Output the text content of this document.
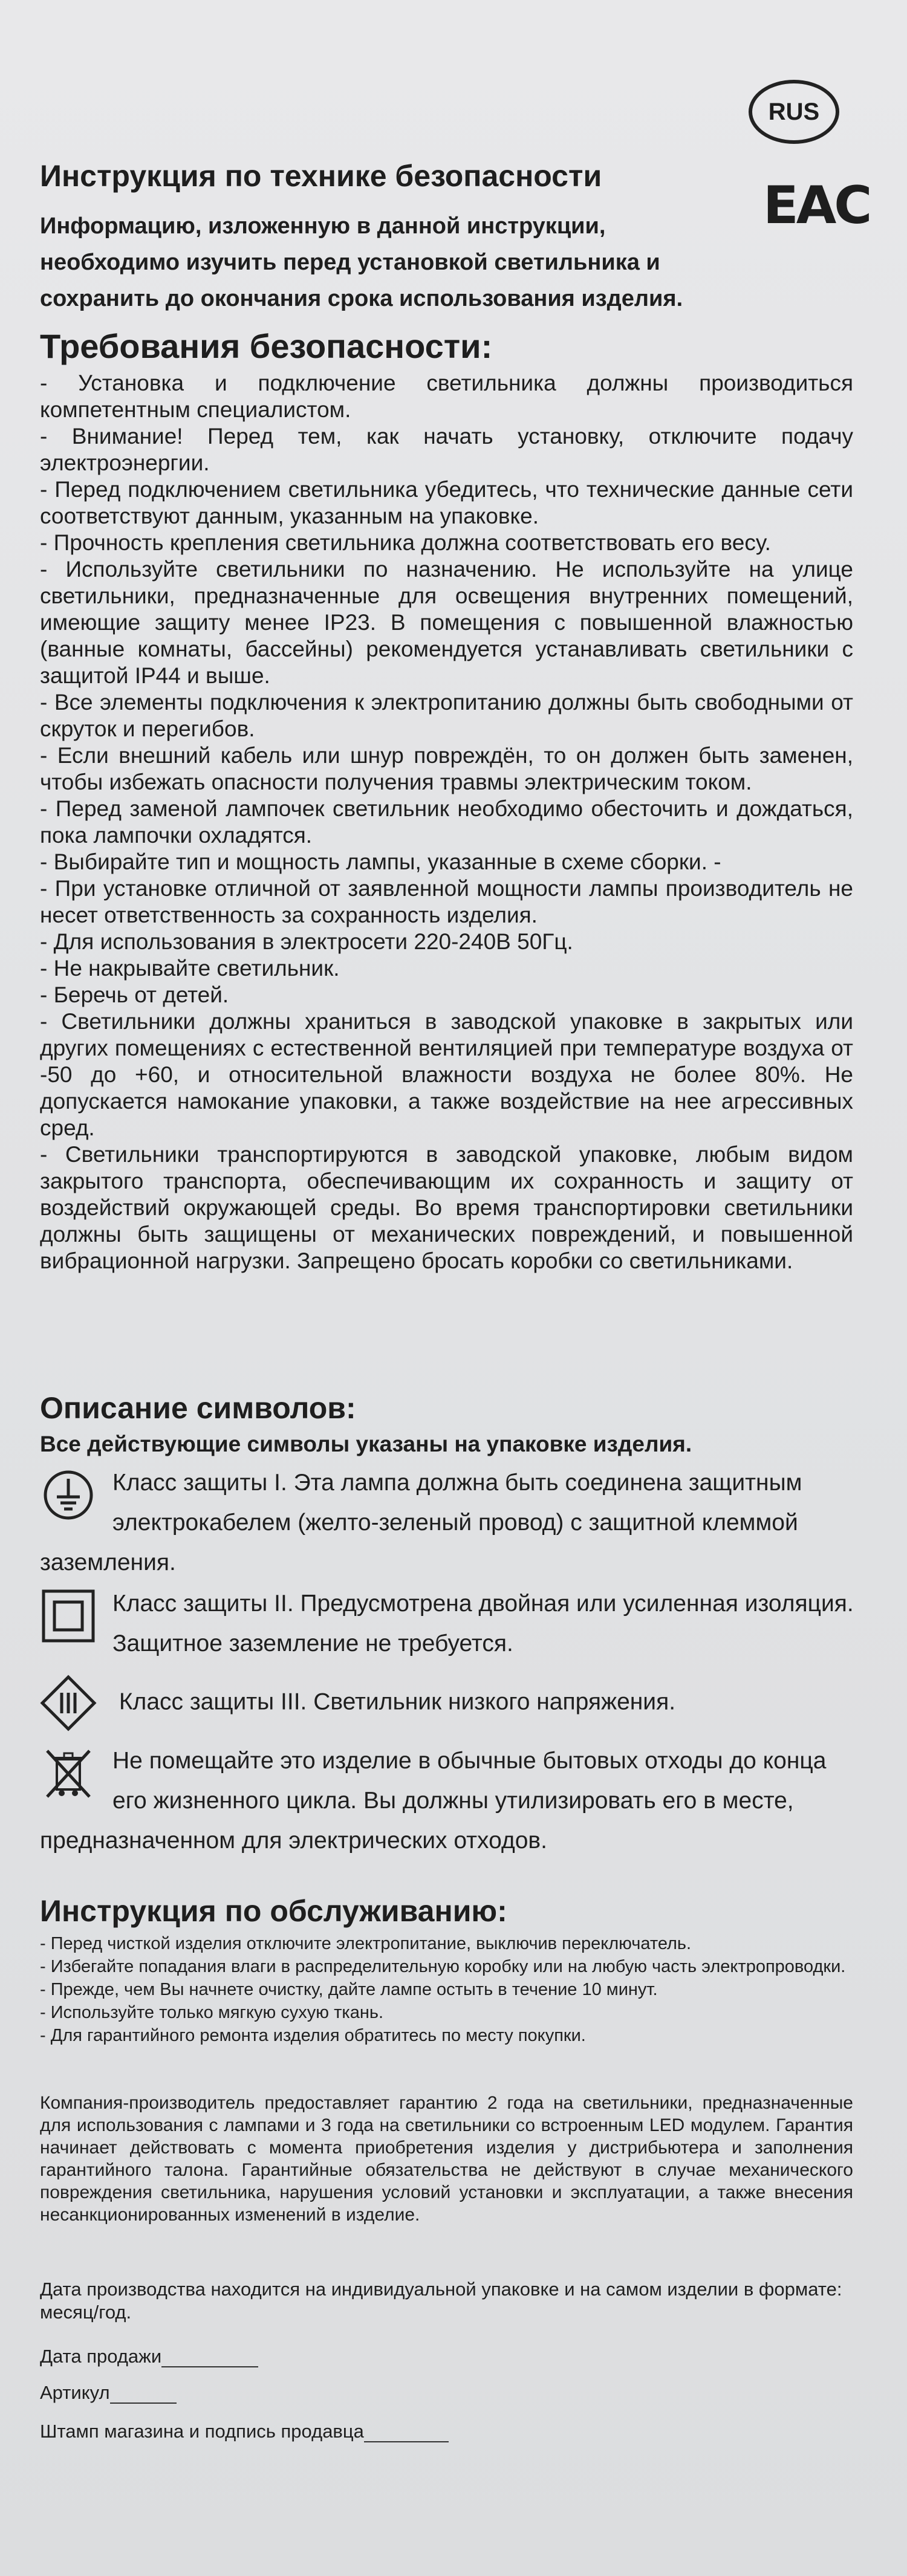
RUS
EAC
Инструкция по технике безопасности
Информацию, изложенную в данной инструкции, необходимо изучить перед установкой светильника и сохранить до окончания срока использования изделия.
Требования безопасности:
- Установка и подключение светильника должны производиться компетентным специалистом.
- Внимание! Перед тем, как начать установку, отключите подачу электроэнергии.
- Перед подключением светильника убедитесь, что технические данные сети соответствуют данным, указанным на упаковке.
- Прочность крепления светильника должна соответствовать его весу.
- Используйте светильники по назначению. Не используйте на улице светильники, предназначенные для освещения внутренних помещений, имеющие защиту менее IP23. В помещения с повышенной влажностью (ванные комнаты, бассейны) рекомендуется устанавливать светильники с защитой IP44 и выше.
- Все элементы подключения к электропитанию должны быть свободными от скруток и перегибов.
- Если внешний кабель или шнур повреждён, то он должен быть заменен, чтобы избежать опасности получения травмы электрическим током.
- Перед заменой лампочек светильник необходимо обесточить и дождаться, пока лампочки охладятся.
- Выбирайте тип и мощность лампы, указанные в схеме сборки. -
- При установке отличной от заявленной мощности лампы производитель не несет ответственность за сохранность изделия.
- Для использования в электросети 220-240В 50Гц.
- Не накрывайте светильник.
- Беречь от детей.
- Светильники должны храниться в заводской упаковке в закрытых или других помещениях с естественной вентиляцией при температуре воздуха от -50 до +60, и относительной влажности воздуха не более 80%. Не допускается намокание упаковки, а также воздействие на нее агрессивных сред.
- Светильники транспортируются в заводской упаковке, любым видом закрытого транспорта, обеспечивающим их сохранность и защиту от воздействий окружающей среды. Во время транспортировки светильники должны быть защищены от механических повреждений, и повышенной вибрационной нагрузки. Запрещено бросать коробки со светильниками.
Описание символов:
Все действующие символы указаны на упаковке изделия.
Класс защиты I. Эта лампа должна быть соединена защитным электрокабелем (желто-зеленый провод) с защитной клеммой заземления.
Класс защиты II. Предусмотрена двойная или усиленная изоляция. Защитное заземление не требуется.
Класс защиты III. Светильник низкого напряжения.
Не помещайте это изделие в обычные бытовых отходы до конца его жизненного цикла. Вы должны утилизировать его в месте, предназначенном для электрических отходов.
Инструкция по обслуживанию:
- Перед чисткой изделия отключите электропитание, выключив переключатель.
- Избегайте попадания влаги в распределительную коробку или на любую часть электропроводки.
- Прежде, чем Вы начнете очистку, дайте лампе остыть в течение 10 минут.
- Используйте только мягкую сухую ткань.
- Для гарантийного ремонта изделия обратитесь по месту покупки.
Компания-производитель предоставляет гарантию 2 года на светильники, предназначенные для использования с лампами и 3 года на светильники со встроенным LED модулем. Гарантия начинает действовать с момента приобретения изделия у дистрибьютера и заполнения гарантийного талона. Гарантийные обязательства не действуют в случае механического повреждения светильника, нарушения условий установки и эксплуатации, а также внесения несанкционированных изменений в изделие.
Дата производства находится на индивидуальной упаковке и на самом изделии в формате: месяц/год.
Дата продажи
Артикул
Штамп магазина и подпись продавца
